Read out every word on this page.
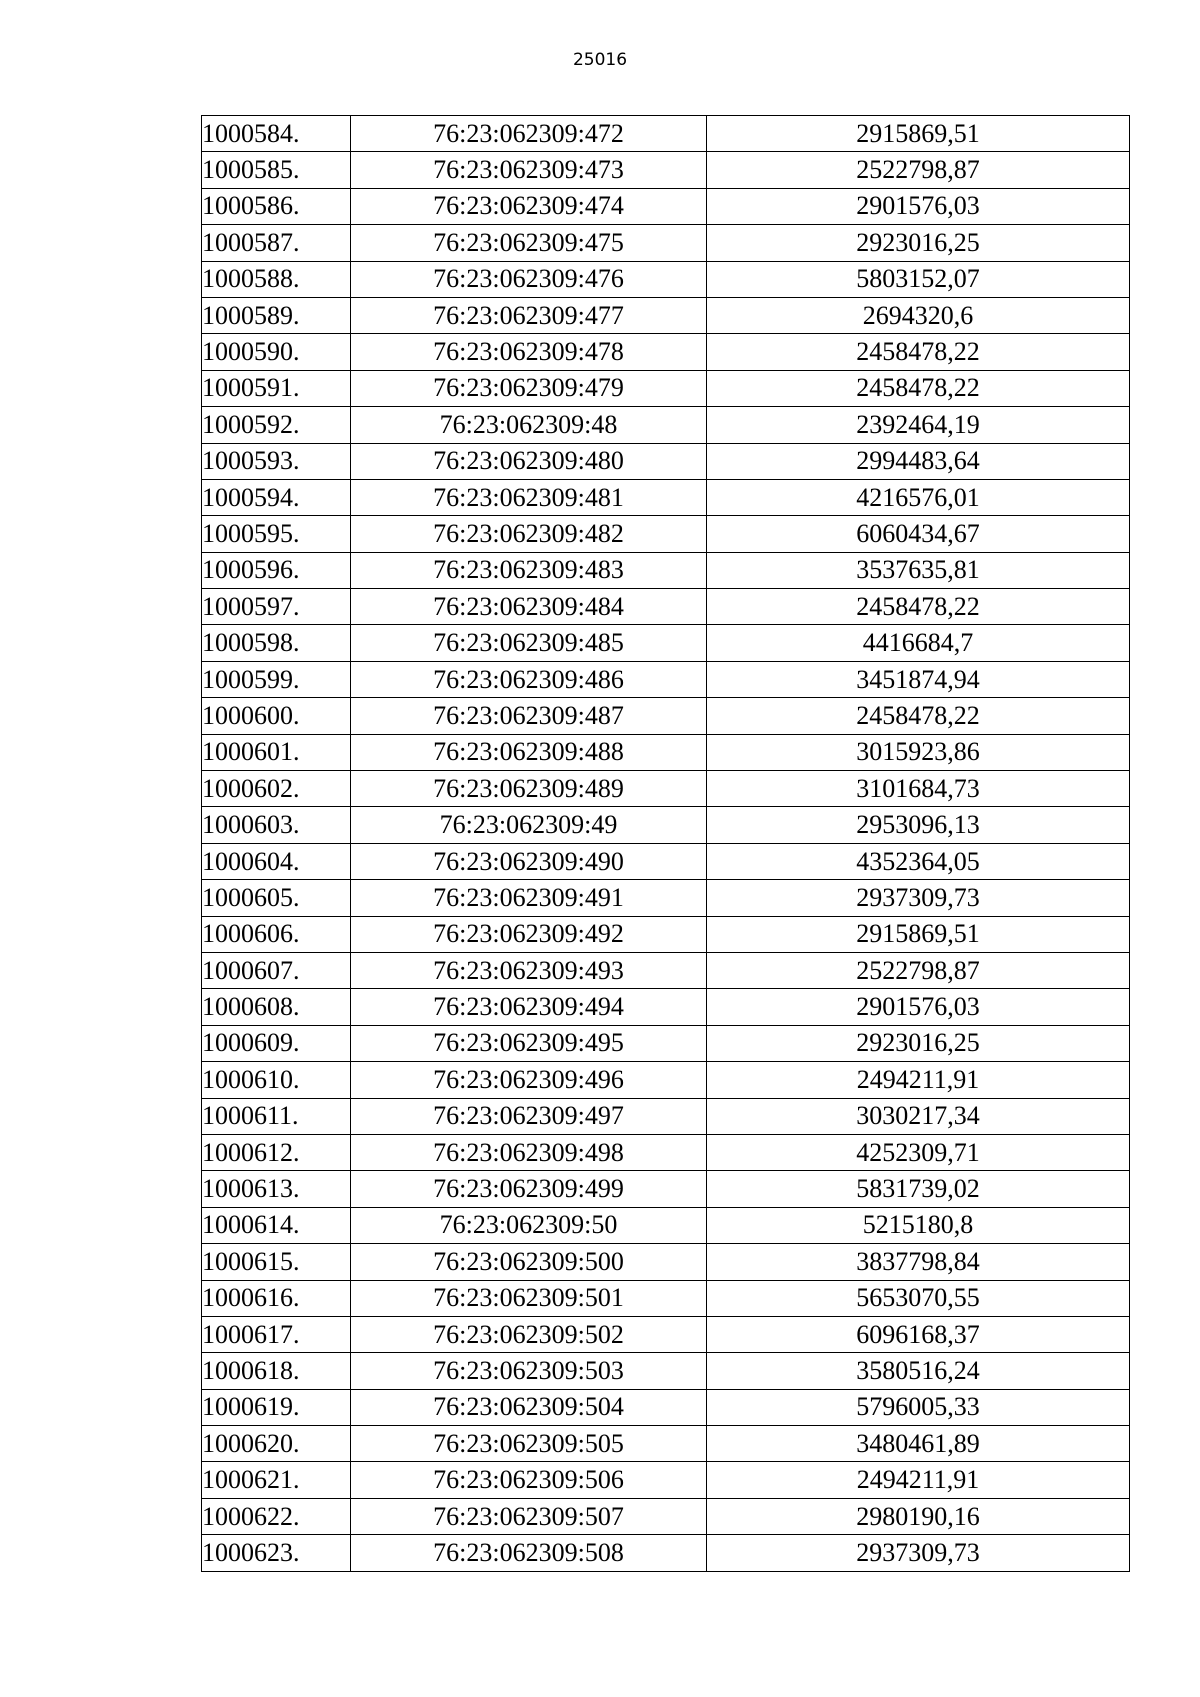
25016
1000584.	76:23:062309:472	2915869,51
1000585.	76:23:062309:473	2522798,87
1000586.	76:23:062309:474	2901576,03
1000587.	76:23:062309:475	2923016,25
1000588.	76:23:062309:476	5803152,07
1000589.	76:23:062309:477	2694320,6
1000590.	76:23:062309:478	2458478,22
1000591.	76:23:062309:479	2458478,22
1000592.	76:23:062309:48	2392464,19
1000593.	76:23:062309:480	2994483,64
1000594.	76:23:062309:481	4216576,01
1000595.	76:23:062309:482	6060434,67
1000596.	76:23:062309:483	3537635,81
1000597.	76:23:062309:484	2458478,22
1000598.	76:23:062309:485	4416684,7
1000599.	76:23:062309:486	3451874,94
1000600.	76:23:062309:487	2458478,22
1000601.	76:23:062309:488	3015923,86
1000602.	76:23:062309:489	3101684,73
1000603.	76:23:062309:49	2953096,13
1000604.	76:23:062309:490	4352364,05
1000605.	76:23:062309:491	2937309,73
1000606.	76:23:062309:492	2915869,51
1000607.	76:23:062309:493	2522798,87
1000608.	76:23:062309:494	2901576,03
1000609.	76:23:062309:495	2923016,25
1000610.	76:23:062309:496	2494211,91
1000611.	76:23:062309:497	3030217,34
1000612.	76:23:062309:498	4252309,71
1000613.	76:23:062309:499	5831739,02
1000614.	76:23:062309:50	5215180,8
1000615.	76:23:062309:500	3837798,84
1000616.	76:23:062309:501	5653070,55
1000617.	76:23:062309:502	6096168,37
1000618.	76:23:062309:503	3580516,24
1000619.	76:23:062309:504	5796005,33
1000620.	76:23:062309:505	3480461,89
1000621.	76:23:062309:506	2494211,91
1000622.	76:23:062309:507	2980190,16
1000623.	76:23:062309:508	2937309,73
